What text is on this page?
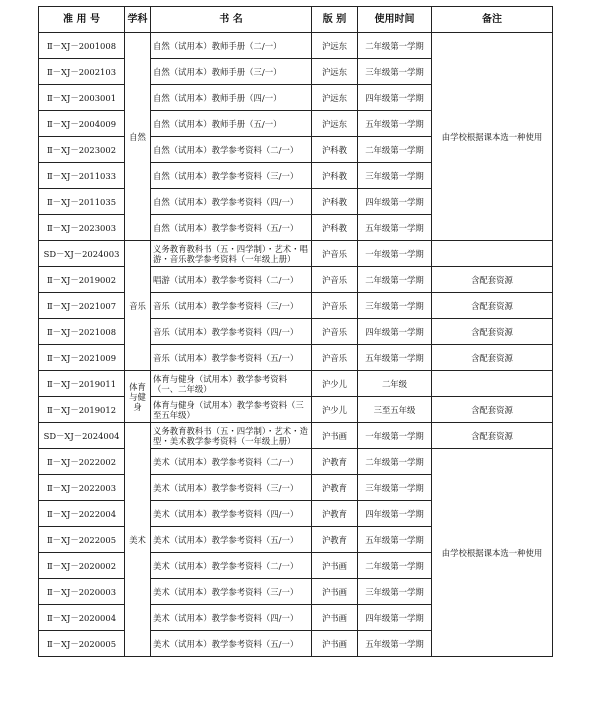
准 用 号	学科	书 名	版 别	使用时间	备注
Ⅱ－XJ－2001008	自然	自然（试用本）教师手册（二/一）	沪远东	二年级第一学期	由学校根据课本选一种使用
Ⅱ－XJ－2002103		自然（试用本）教师手册（三/一）	沪远东	三年级第一学期	
Ⅱ－XJ－2003001		自然（试用本）教师手册（四/一）	沪远东	四年级第一学期	
Ⅱ－XJ－2004009		自然（试用本）教师手册（五/一）	沪远东	五年级第一学期	
Ⅱ－XJ－2023002		自然（试用本）教学参考资料（二/一）	沪科教	二年级第一学期	
Ⅱ－XJ－2011033		自然（试用本）教学参考资料（三/一）	沪科教	三年级第一学期	
Ⅱ－XJ－2011035		自然（试用本）教学参考资料（四/一）	沪科教	四年级第一学期	
Ⅱ－XJ－2023003		自然（试用本）教学参考资料（五/一）	沪科教	五年级第一学期	
SD－XJ－2024003	音乐	义务教育教科书（五・四学制）・艺术・唱游・音乐教学参考资料（一年级上册）	沪音乐	一年级第一学期	
Ⅱ－XJ－2019002		唱游（试用本）教学参考资料（二/一）	沪音乐	二年级第一学期	含配套资源
Ⅱ－XJ－2021007		音乐（试用本）教学参考资料（三/一）	沪音乐	三年级第一学期	含配套资源
Ⅱ－XJ－2021008		音乐（试用本）教学参考资料（四/一）	沪音乐	四年级第一学期	含配套资源
Ⅱ－XJ－2021009		音乐（试用本）教学参考资料（五/一）	沪音乐	五年级第一学期	含配套资源
Ⅱ－XJ－2019011	体育与健身	体育与健身（试用本）教学参考资料（一、二年级）	沪少儿	二年级	
Ⅱ－XJ－2019012		体育与健身（试用本）教学参考资料（三至五年级）	沪少儿	三至五年级	含配套资源
SD－XJ－2024004	美术	义务教育教科书（五・四学制）・艺术・造型・美术教学参考资料（一年级上册）	沪书画	一年级第一学期	含配套资源
Ⅱ－XJ－2022002		美术（试用本）教学参考资料（二/一）	沪教育	二年级第一学期	由学校根据课本选一种使用
Ⅱ－XJ－2022003		美术（试用本）教学参考资料（三/一）	沪教育	三年级第一学期	
Ⅱ－XJ－2022004		美术（试用本）教学参考资料（四/一）	沪教育	四年级第一学期	
Ⅱ－XJ－2022005		美术（试用本）教学参考资料（五/一）	沪教育	五年级第一学期	
Ⅱ－XJ－2020002		美术（试用本）教学参考资料（二/一）	沪书画	二年级第一学期	
Ⅱ－XJ－2020003		美术（试用本）教学参考资料（三/一）	沪书画	三年级第一学期	
Ⅱ－XJ－2020004		美术（试用本）教学参考资料（四/一）	沪书画	四年级第一学期	
Ⅱ－XJ－2020005		美术（试用本）教学参考资料（五/一）	沪书画	五年级第一学期	
